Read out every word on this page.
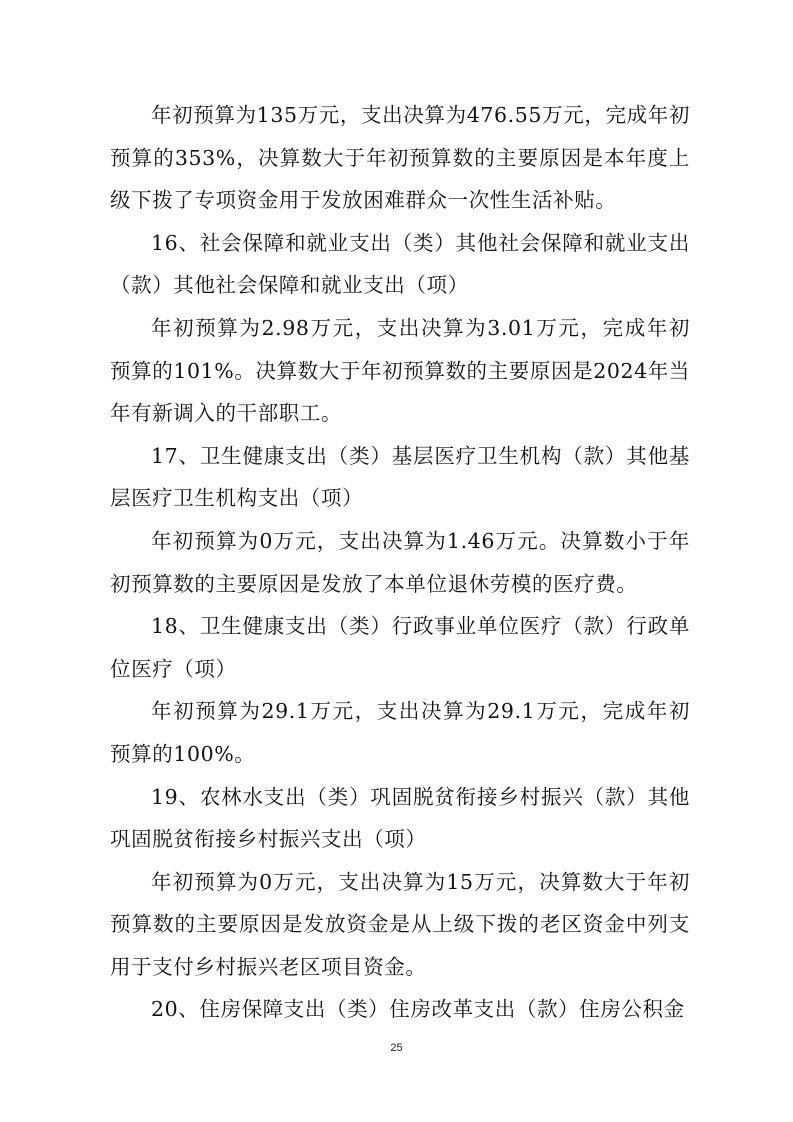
年初预算为135万元，支出决算为476.55万元，完成年初预算的353%，决算数大于年初预算数的主要原因是本年度上级下拨了专项资金用于发放困难群众一次性生活补贴。

16、社会保障和就业支出（类）其他社会保障和就业支出（款）其他社会保障和就业支出（项）

年初预算为2.98万元，支出决算为3.01万元，完成年初预算的101%。决算数大于年初预算数的主要原因是2024年当年有新调入的干部职工。

17、卫生健康支出（类）基层医疗卫生机构（款）其他基层医疗卫生机构支出（项）

年初预算为0万元，支出决算为1.46万元。决算数小于年初预算数的主要原因是发放了本单位退休劳模的医疗费。

18、卫生健康支出（类）行政事业单位医疗（款）行政单位医疗（项）

年初预算为29.1万元，支出决算为29.1万元，完成年初预算的100%。

19、农林水支出（类）巩固脱贫衔接乡村振兴（款）其他巩固脱贫衔接乡村振兴支出（项）

年初预算为0万元，支出决算为15万元，决算数大于年初预算数的主要原因是发放资金是从上级下拨的老区资金中列支用于支付乡村振兴老区项目资金。

20、住房保障支出（类）住房改革支出（款）住房公积金

25
